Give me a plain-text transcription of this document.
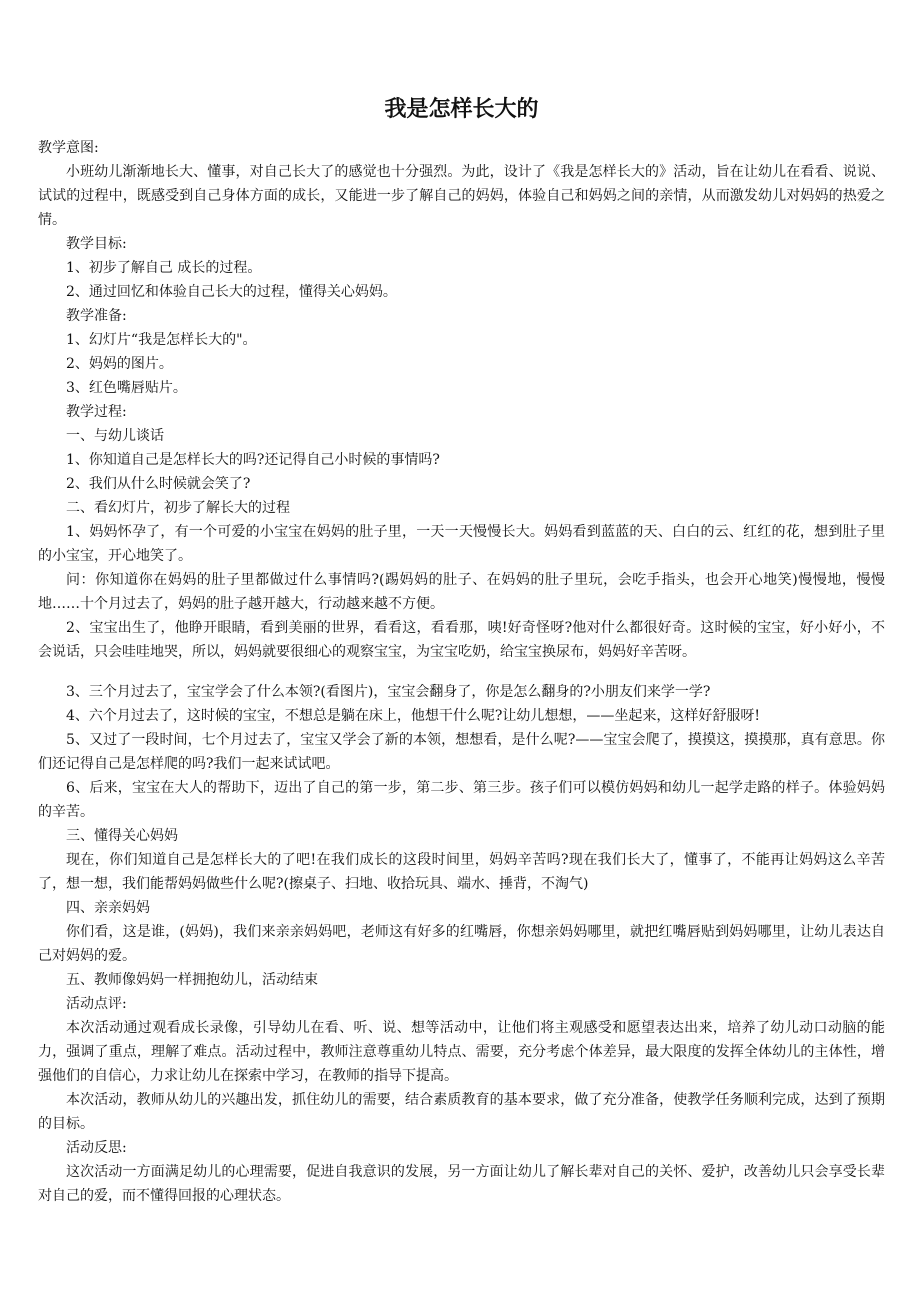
我是怎样长大的

教学意图:

小班幼儿渐渐地长大、懂事，对自己长大了的感觉也十分强烈。为此，设计了《我是怎样长大的》活动，旨在让幼儿在看看、说说、试试的过程中，既感受到自己身体方面的成长，又能进一步了解自己的妈妈，体验自己和妈妈之间的亲情，从而激发幼儿对妈妈的热爱之情。

教学目标:

1、初步了解自己 成长的过程。

2、通过回忆和体验自己长大的过程，懂得关心妈妈。

教学准备:

1、幻灯片“我是怎样长大的"。

2、妈妈的图片。

3、红色嘴唇贴片。

教学过程:

一、与幼儿谈话

1、你知道自己是怎样长大的吗?还记得自己小时候的事情吗?

2、我们从什么时候就会笑了?

二、看幻灯片，初步了解长大的过程

1、妈妈怀孕了，有一个可爱的小宝宝在妈妈的肚子里，一天一天慢慢长大。妈妈看到蓝蓝的天、白白的云、红红的花，想到肚子里的小宝宝，开心地笑了。

问：你知道你在妈妈的肚子里都做过什么事情吗?(踢妈妈的肚子、在妈妈的肚子里玩，会吃手指头，也会开心地笑)慢慢地，慢慢地……十个月过去了，妈妈的肚子越开越大，行动越来越不方便。

2、宝宝出生了，他睁开眼睛，看到美丽的世界，看看这，看看那，咦!好奇怪呀?他对什么都很好奇。这时候的宝宝，好小好小，不会说话，只会哇哇地哭，所以，妈妈就要很细心的观察宝宝，为宝宝吃奶，给宝宝换尿布，妈妈好辛苦呀。

3、三个月过去了，宝宝学会了什么本领?(看图片)，宝宝会翻身了，你是怎么翻身的?小朋友们来学一学?

4、六个月过去了，这时候的宝宝，不想总是躺在床上，他想干什么呢?让幼儿想想，——坐起来，这样好舒服呀!

5、又过了一段时间，七个月过去了，宝宝又学会了新的本领，想想看，是什么呢?——宝宝会爬了，摸摸这，摸摸那，真有意思。你们还记得自己是怎样爬的吗?我们一起来试试吧。

6、后来，宝宝在大人的帮助下，迈出了自己的第一步，第二步、第三步。孩子们可以模仿妈妈和幼儿一起学走路的样子。体验妈妈的辛苦。

三、懂得关心妈妈

现在，你们知道自己是怎样长大的了吧!在我们成长的这段时间里，妈妈辛苦吗?现在我们长大了，懂事了，不能再让妈妈这么辛苦了，想一想，我们能帮妈妈做些什么呢?(擦桌子、扫地、收拾玩具、端水、捶背，不淘气)

四、亲亲妈妈

你们看，这是谁，(妈妈)，我们来亲亲妈妈吧，老师这有好多的红嘴唇，你想亲妈妈哪里，就把红嘴唇贴到妈妈哪里，让幼儿表达自己对妈妈的爱。

五、教师像妈妈一样拥抱幼儿，活动结束

活动点评:

本次活动通过观看成长录像，引导幼儿在看、听、说、想等活动中，让他们将主观感受和愿望表达出来，培养了幼儿动口动脑的能力，强调了重点，理解了难点。活动过程中，教师注意尊重幼儿特点、需要，充分考虑个体差异，最大限度的发挥全体幼儿的主体性，增强他们的自信心，力求让幼儿在探索中学习，在教师的指导下提高。

本次活动，教师从幼儿的兴趣出发，抓住幼儿的需要，结合素质教育的基本要求，做了充分准备，使教学任务顺利完成，达到了预期的目标。

活动反思:

这次活动一方面满足幼儿的心理需要，促进自我意识的发展，另一方面让幼儿了解长辈对自己的关怀、爱护，改善幼儿只会享受长辈对自己的爱，而不懂得回报的心理状态。
